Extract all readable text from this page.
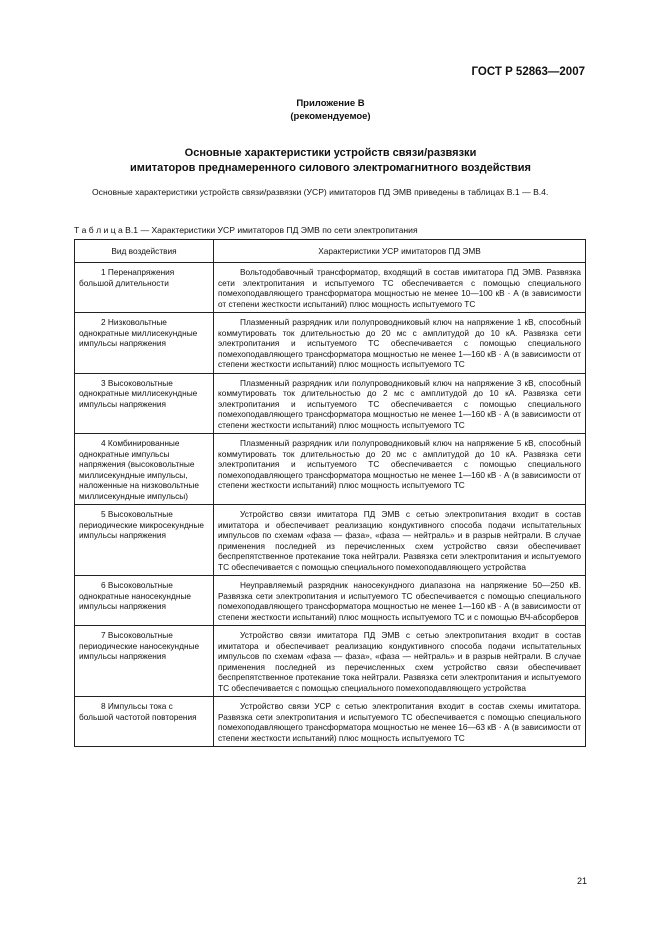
ГОСТ Р 52863—2007
Приложение В
(рекомендуемое)
Основные характеристики устройств связи/развязки
имитаторов преднамеренного силового электромагнитного воздействия
Основные характеристики устройств связи/развязки (УСР) имитаторов ПД ЭМВ приведены в таблицах В.1 — В.4.
Т а б л и ц а В.1 — Характеристики УСР имитаторов ПД ЭМВ по сети электропитания
Вид воздействия	Характеристики УСР имитаторов ПД ЭМВ

1 Перенапряжения большой длительности	Вольтодобавочный трансформатор, входящий в состав имитатора ПД ЭМВ. Развязка сети электропитания и испытуемого ТС обеспечивается с помощью специального помехоподавляющего трансформатора мощностью не менее 10—100 кВ · А (в зависимости от степени жесткости испытаний) плюс мощность испытуемого ТС

2 Низковольтные однократные миллисекундные импульсы напряжения	Плазменный разрядник или полупроводниковый ключ на напряжение 1 кВ, способный коммутировать ток длительностью до 20 мс с амплитудой до 10 кА. Развязка сети электропитания и испытуемого ТС обеспечивается с помощью специального помехоподавляющего трансформатора мощностью не менее 1—160 кВ · А (в зависимости от степени жесткости испытаний) плюс мощность испытуемого ТС

3 Высоковольтные однократные миллисекундные импульсы напряжения	Плазменный разрядник или полупроводниковый ключ на напряжение 3 кВ, способный коммутировать ток длительностью до 2 мс с амплитудой до 10 кА. Развязка сети электропитания и испытуемого ТС обеспечивается с помощью специального помехоподавляющего трансформатора мощностью не менее 1—160 кВ · А (в зависимости от степени жесткости испытаний) плюс мощность испытуемого ТС

4 Комбинированные однократные импульсы напряжения (высоковольтные миллисекундные импульсы, наложенные на низковольтные миллисекундные импульсы)	Плазменный разрядник или полупроводниковый ключ на напряжение 5 кВ, способный коммутировать ток длительностью до 20 мс с амплитудой до 10 кА. Развязка сети электропитания и испытуемого ТС обеспечивается с помощью специального помехоподавляющего трансформатора мощностью не менее 1—160 кВ · А (в зависимости от степени жесткости испытаний) плюс мощность испытуемого ТС

5 Высоковольтные периодические микросекундные импульсы напряжения	Устройство связи имитатора ПД ЭМВ с сетью электропитания входит в состав имитатора и обеспечивает реализацию кондуктивного способа подачи испытательных импульсов по схемам «фаза — фаза», «фаза — нейтраль» и в разрыв нейтрали. В случае применения последней из перечисленных схем устройство связи обеспечивает беспрепятственное протекание тока нейтрали. Развязка сети электропитания и испытуемого ТС обеспечивается с помощью специального помехоподавляющего устройства

6 Высоковольтные однократные наносекундные импульсы напряжения	Неуправляемый разрядник наносекундного диапазона на напряжение 50—250 кВ. Развязка сети электропитания и испытуемого ТС обеспечивается с помощью специального помехоподавляющего трансформатора мощностью не менее 1—160 кВ · А (в зависимости от степени жесткости испытаний) плюс мощность испытуемого ТС и с помощью ВЧ-абсорберов

7 Высоковольтные периодические наносекундные импульсы напряжения	Устройство связи имитатора ПД ЭМВ с сетью электропитания входит в состав имитатора и обеспечивает реализацию кондуктивного способа подачи испытательных импульсов по схемам «фаза — фаза», «фаза — нейтраль» и в разрыв нейтрали. В случае применения последней из перечисленных схем устройство связи обеспечивает беспрепятственное протекание тока нейтрали. Развязка сети электропитания и испытуемого ТС обеспечивается с помощью специального помехоподавляющего устройства

8 Импульсы тока с большой частотой повторения	Устройство связи УСР с сетью электропитания входит в состав схемы имитатора. Развязка сети электропитания и испытуемого ТС обеспечивается с помощью специального помехоподавляющего трансформатора мощностью не менее 16—63 кВ · А (в зависимости от степени жесткости испытаний) плюс мощность испытуемого ТС
21
